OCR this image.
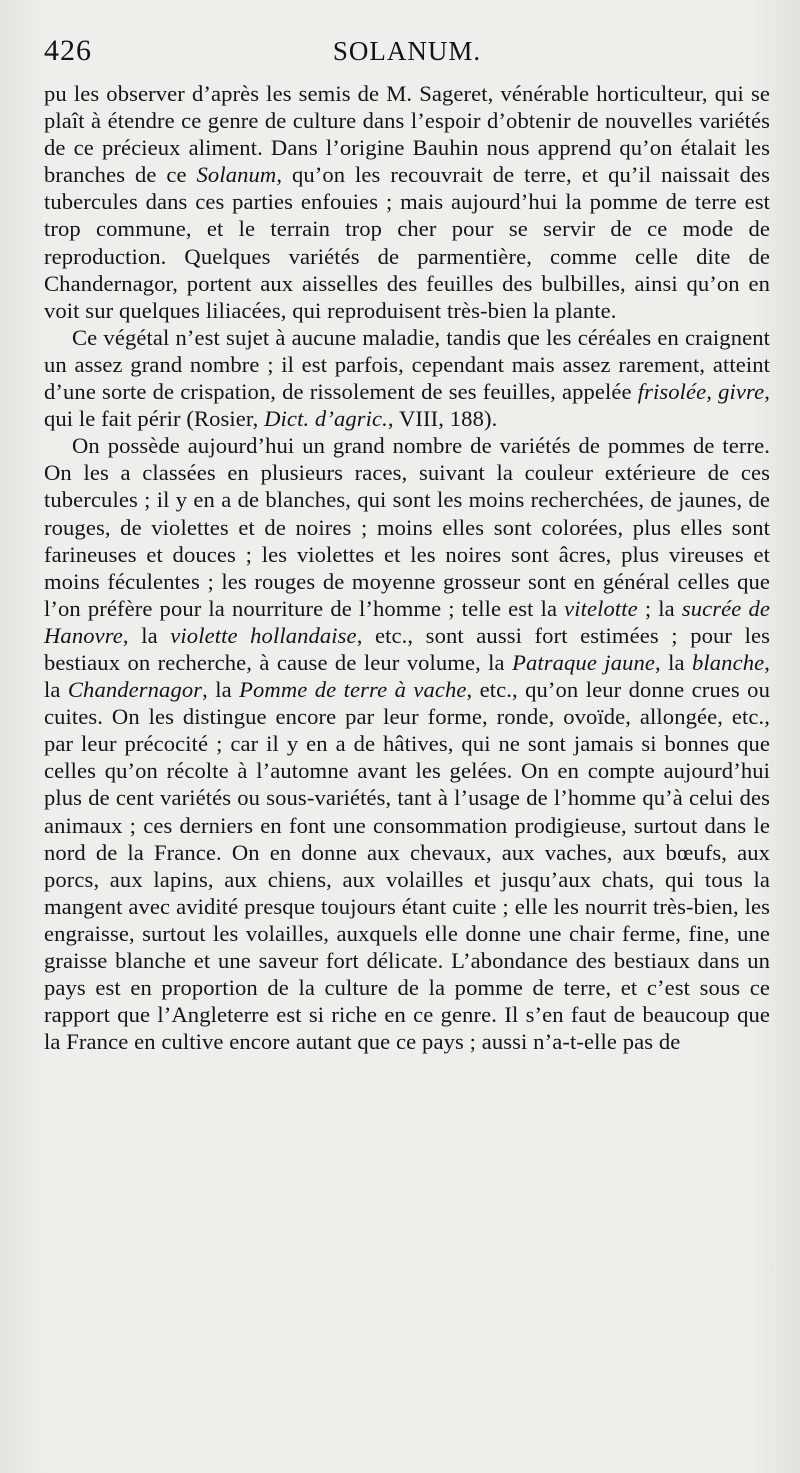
426	SOLANUM.

pu les observer d’après les semis de M. Sageret, vénérable horticulteur, qui se plaît à étendre ce genre de culture dans l’espoir d’obtenir de nouvelles variétés de ce précieux aliment. Dans l’origine Bauhin nous apprend qu’on étalait les branches de ce Solanum, qu’on les recouvrait de terre, et qu’il naissait des tubercules dans ces parties enfouies ; mais aujourd’hui la pomme de terre est trop commune, et le terrain trop cher pour se servir de ce mode de reproduction. Quelques variétés de parmentière, comme celle dite de Chandernagor, portent aux aisselles des feuilles des bulbilles, ainsi qu’on en voit sur quelques liliacées, qui reproduisent très-bien la plante.

Ce végétal n’est sujet à aucune maladie, tandis que les céréales en craignent un assez grand nombre ; il est parfois, cependant mais assez rarement, atteint d’une sorte de crispation, de rissolement de ses feuilles, appelée frisolée, givre, qui le fait périr (Rosier, Dict. d’agric., VIII, 188).

On possède aujourd’hui un grand nombre de variétés de pommes de terre. On les a classées en plusieurs races, suivant la couleur extérieure de ces tubercules ; il y en a de blanches, qui sont les moins recherchées, de jaunes, de rouges, de violettes et de noires ; moins elles sont colorées, plus elles sont farineuses et douces ; les violettes et les noires sont âcres, plus vireuses et moins féculentes ; les rouges de moyenne grosseur sont en général celles que l’on préfère pour la nourriture de l’homme ; telle est la vitelotte ; la sucrée de Hanovre, la violette hollandaise, etc., sont aussi fort estimées ; pour les bestiaux on recherche, à cause de leur volume, la Patraque jaune, la blanche, la Chandernagor, la Pomme de terre à vache, etc., qu’on leur donne crues ou cuites. On les distingue encore par leur forme, ronde, ovoïde, allongée, etc., par leur précocité ; car il y en a de hâtives, qui ne sont jamais si bonnes que celles qu’on récolte à l’automne avant les gelées. On en compte aujourd’hui plus de cent variétés ou sous-variétés, tant à l’usage de l’homme qu’à celui des animaux ; ces derniers en font une consommation prodigieuse, surtout dans le nord de la France. On en donne aux chevaux, aux vaches, aux bœufs, aux porcs, aux lapins, aux chiens, aux volailles et jusqu’aux chats, qui tous la mangent avec avidité presque toujours étant cuite ; elle les nourrit très-bien, les engraisse, surtout les volailles, auxquels elle donne une chair ferme, fine, une graisse blanche et une saveur fort délicate. L’abondance des bestiaux dans un pays est en proportion de la culture de la pomme de terre, et c’est sous ce rapport que l’Angleterre est si riche en ce genre. Il s’en faut de beaucoup que la France en cultive encore autant que ce pays ; aussi n’a-t-elle pas de
